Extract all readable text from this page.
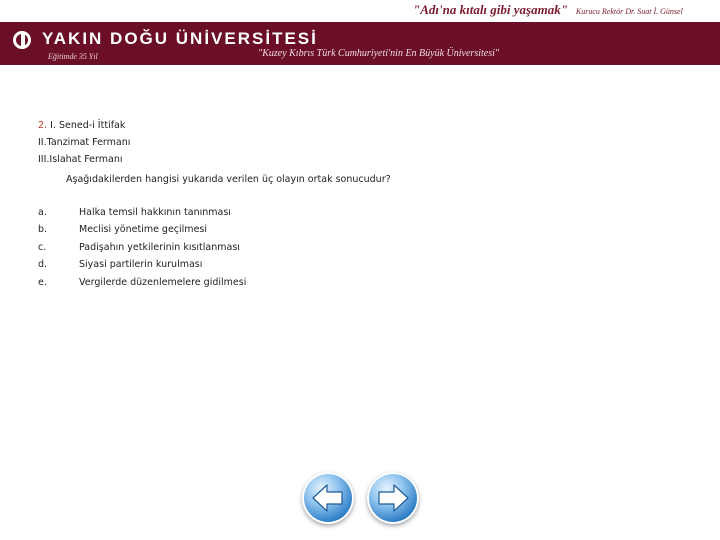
"Adı'na kıtalı gibi yaşamak" Kurucu Rektör Dr. Suat İ. Günsel
YAKIN DOĞU ÜNİVERSİTESİ
Eğitimde 35 Yıl	"Kuzey Kıbrıs Türk Cumhuriyeti'nin En Büyük Üniversitesi"
2. I. Sened-i İttifak
II.Tanzimat Fermanı
III.Islahat Fermanı
Aşağıdakilerden hangisi yukarıda verilen üç olayın ortak sonucudur?
a.	Halka temsil hakkının tanınması
b.	Meclisi yönetime geçilmesi
c.	Padişahın yetkilerinin kısıtlanması
d.	Siyasi partilerin kurulması
e.	Vergilerde düzenlemelere gidilmesi
